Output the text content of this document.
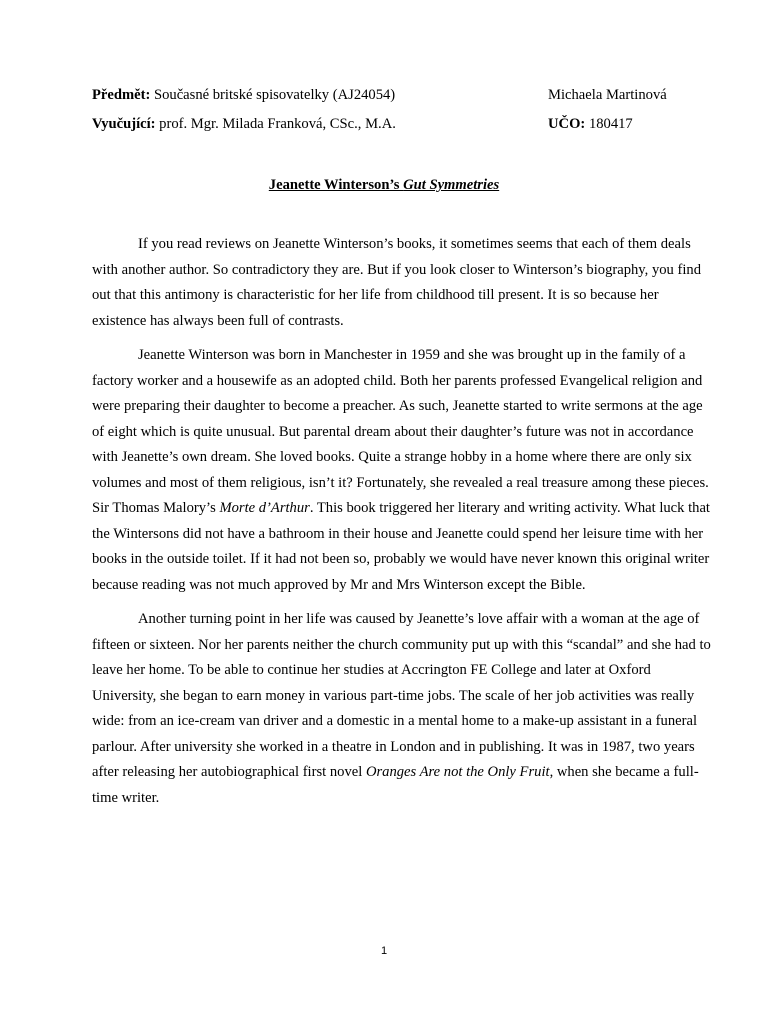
Předmět: Současné britské spisovatelky (AJ24054)	Michaela Martinová
Vyučující: prof. Mgr. Milada Franková, CSc., M.A.	UČO: 180417
Jeanette Winterson’s Gut Symmetries

If you read reviews on Jeanette Winterson’s books, it sometimes seems that each of them deals with another author. So contradictory they are. But if you look closer to Winterson’s biography, you find out that this antimony is characteristic for her life from childhood till present. It is so because her existence has always been full of contrasts.

Jeanette Winterson was born in Manchester in 1959 and she was brought up in the family of a factory worker and a housewife as an adopted child. Both her parents professed Evangelical religion and were preparing their daughter to become a preacher. As such, Jeanette started to write sermons at the age of eight which is quite unusual. But parental dream about their daughter’s future was not in accordance with Jeanette’s own dream. She loved books. Quite a strange hobby in a home where there are only six volumes and most of them religious, isn’t it? Fortunately, she revealed a real treasure among these pieces. Sir Thomas Malory’s Morte d’Arthur. This book triggered her literary and writing activity. What luck that the Wintersons did not have a bathroom in their house and Jeanette could spend her leisure time with her books in the outside toilet. If it had not been so, probably we would have never known this original writer because reading was not much approved by Mr and Mrs Winterson except the Bible.

Another turning point in her life was caused by Jeanette’s love affair with a woman at the age of fifteen or sixteen. Nor her parents neither the church community put up with this “scandal” and she had to leave her home. To be able to continue her studies at Accrington FE College and later at Oxford University, she began to earn money in various part-time jobs. The scale of her job activities was really wide: from an ice-cream van driver and a domestic in a mental home to a make-up assistant in a funeral parlour. After university she worked in a theatre in London and in publishing. It was in 1987, two years after releasing her autobiographical first novel Oranges Are not the Only Fruit, when she became a full-time writer.

1
